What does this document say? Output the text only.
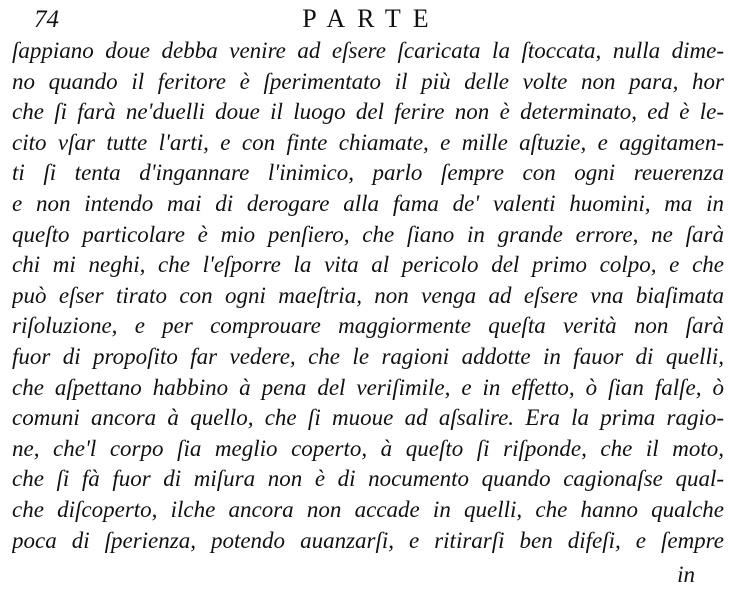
74	PARTE
ſappiano doue debba venire ad eſsere ſcaricata la ſtoccata, nulla dime-
no quando il feritore è ſperimentato il più delle volte non para, hor
che ſi farà ne'duelli doue il luogo del ferire non è determinato, ed è le-
cito vſar tutte l'arti, e con finte chiamate, e mille aſtuzie, e aggitamen-
ti ſi tenta d'ingannare l'inimico, parlo ſempre con ogni reuerenza
e non intendo mai di derogare alla fama de' valenti huomini, ma in
queſto particolare è mio penſiero, che ſiano in grande errore, ne ſarà
chi mi neghi, che l'eſporre la vita al pericolo del primo colpo, e che
può eſser tirato con ogni maeſtria, non venga ad eſsere vna biaſimata
riſoluzione, e per comprouare maggiormente queſta verità non ſarà
fuor di propoſito far vedere, che le ragioni addotte in fauor di quelli,
che aſpettano habbino à pena del veriſimile, e in effetto, ò ſian falſe, ò
comuni ancora à quello, che ſi muoue ad aſsalire. Era la prima ragio-
ne, che'l corpo ſia meglio coperto, à queſto ſi riſponde, che il moto,
che ſi fà fuor di miſura non è di nocumento quando cagionaſse qual-
che diſcoperto, ilche ancora non accade in quelli, che hanno qualche
poca di ſperienza, potendo auanzarſi, e ritirarſi ben difeſi, e ſempre
in
